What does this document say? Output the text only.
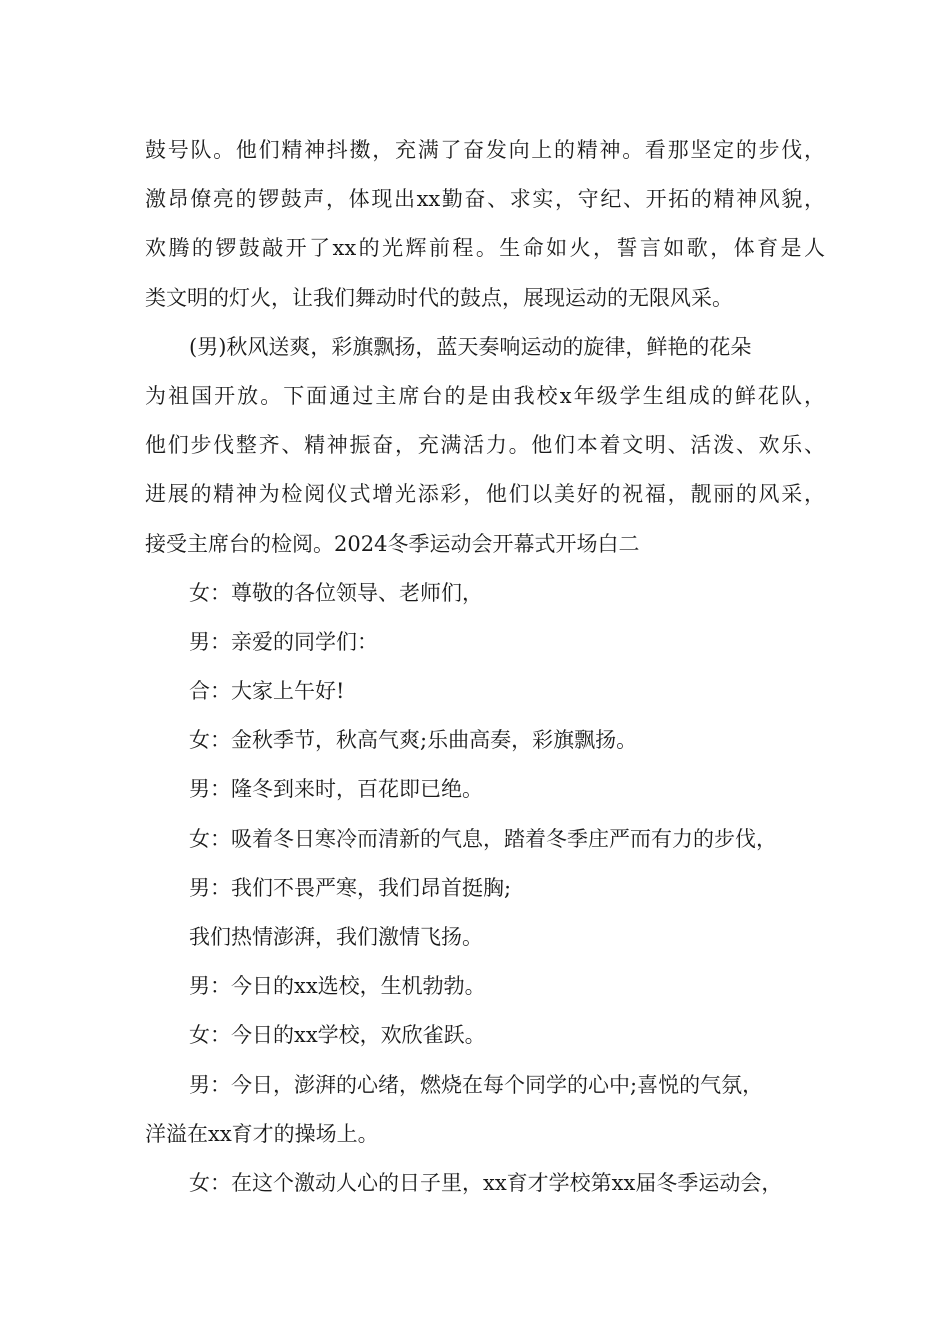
鼓号队。他们精神抖擞，充满了奋发向上的精神。看那坚定的步伐，
激昂僚亮的锣鼓声，体现出xx勤奋、求实，守纪、开拓的精神风貌，
欢腾的锣鼓敲开了xx的光辉前程。生命如火，誓言如歌，体育是人
类文明的灯火，让我们舞动时代的鼓点，展现运动的无限风采。
(男)秋风送爽，彩旗飘扬，蓝天奏响运动的旋律，鲜艳的花朵
为祖国开放。下面通过主席台的是由我校x年级学生组成的鲜花队，
他们步伐整齐、精神振奋，充满活力。他们本着文明、活泼、欢乐、
进展的精神为检阅仪式增光添彩，他们以美好的祝福，靓丽的风采，
接受主席台的检阅。2024冬季运动会开幕式开场白二
女：尊敬的各位领导、老师们，
男：亲爱的同学们：
合：大家上午好!
女：金秋季节，秋高气爽;乐曲高奏，彩旗飘扬。
男：隆冬到来时，百花即已绝。
女：吸着冬日寒冷而清新的气息，踏着冬季庄严而有力的步伐，
男：我们不畏严寒，我们昂首挺胸;
我们热情澎湃，我们激情飞扬。
男：今日的xx选校，生机勃勃。
女：今日的xx学校，欢欣雀跃。
男：今日，澎湃的心绪，燃烧在每个同学的心中;喜悦的气氛，
洋溢在xx育才的操场上。
女：在这个激动人心的日子里，xx育才学校第xx届冬季运动会，
